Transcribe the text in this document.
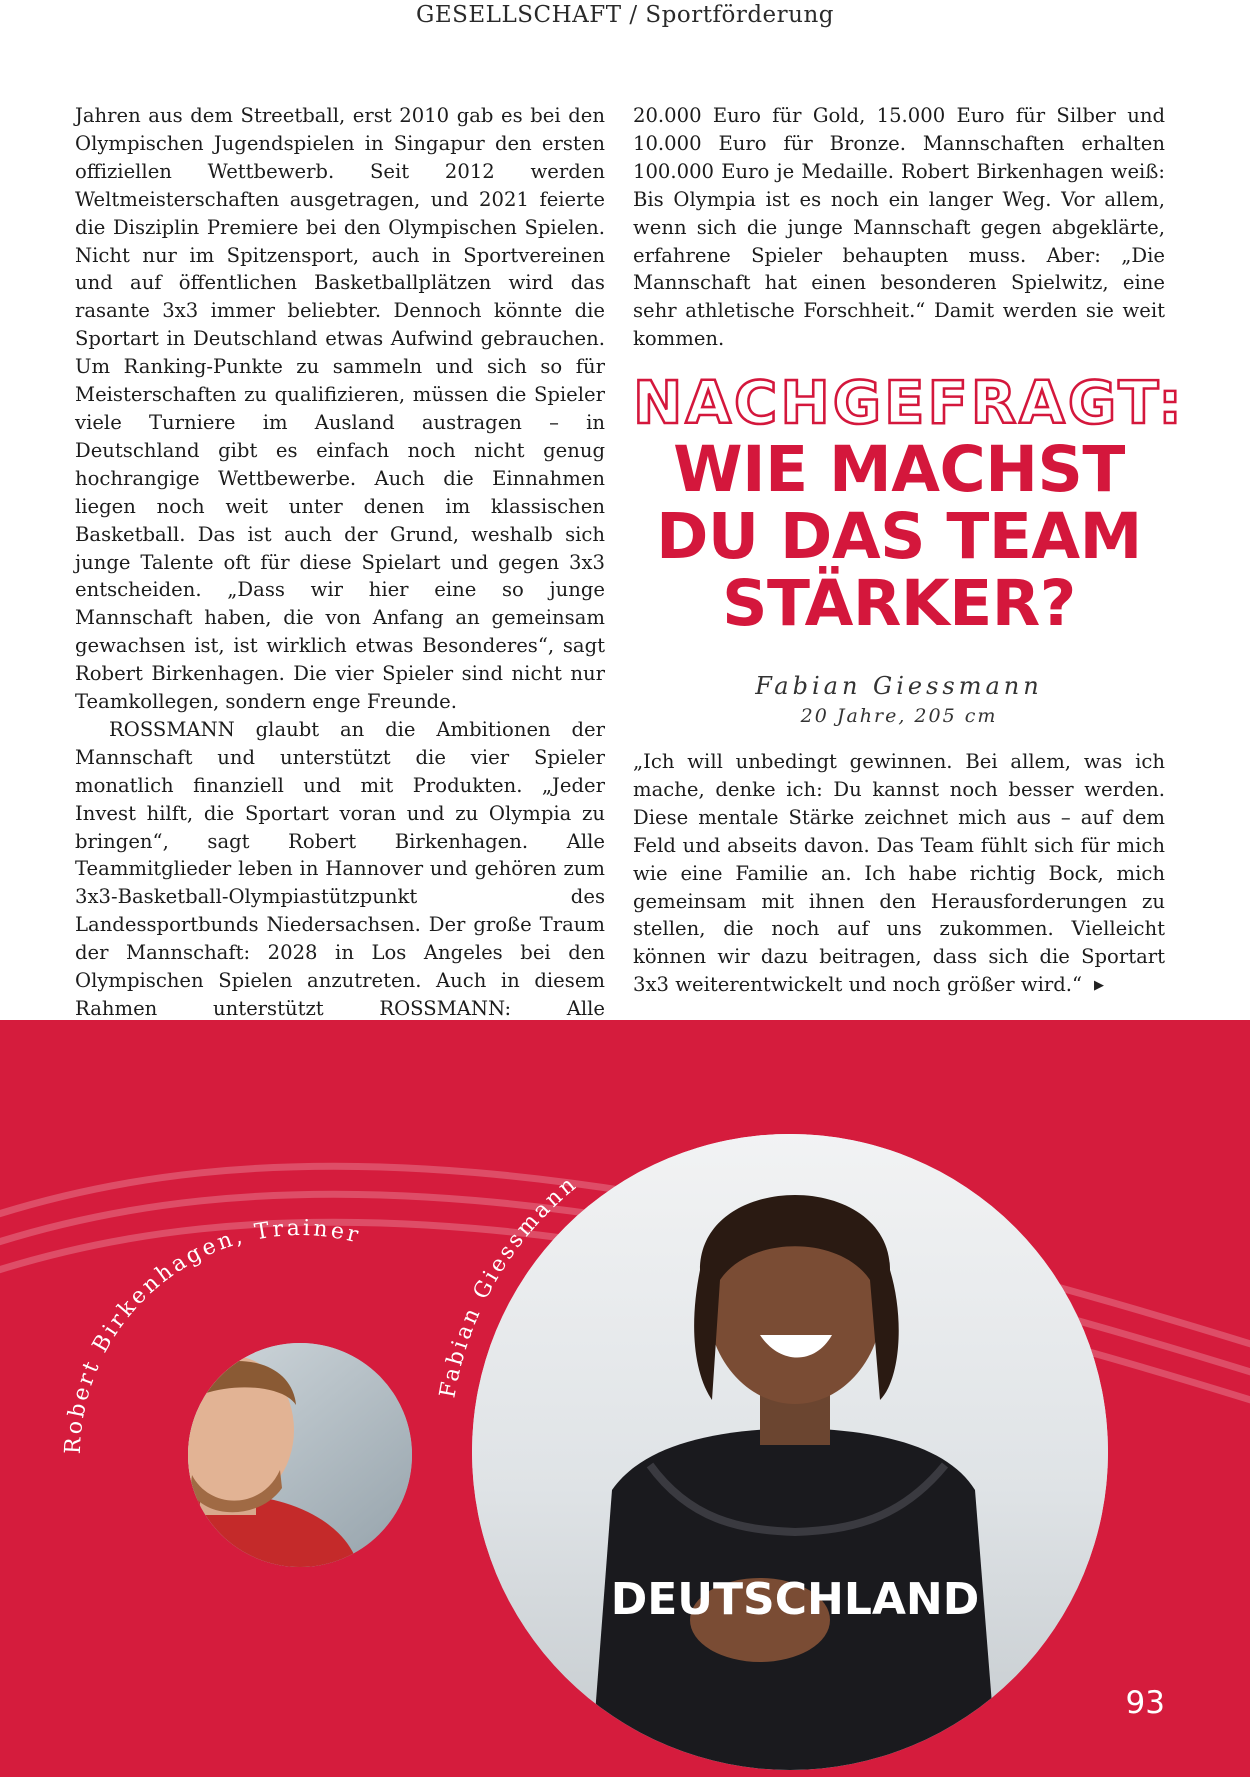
GESELLSCHAFT / Sportförderung

Jahren aus dem Streetball, erst 2010 gab es bei den Olympischen Jugendspielen in Singapur den ersten offiziellen Wettbewerb. Seit 2012 werden Weltmeisterschaften ausgetragen, und 2021 feierte die Disziplin Premiere bei den Olympischen Spielen. Nicht nur im Spitzensport, auch in Sportvereinen und auf öffentlichen Basketballplätzen wird das rasante 3x3 immer beliebter. Dennoch könnte die Sportart in Deutschland etwas Aufwind gebrauchen. Um Ranking-Punkte zu sammeln und sich so für Meisterschaften zu qualifizieren, müssen die Spieler viele Turniere im Ausland austragen – in Deutschland gibt es einfach noch nicht genug hochrangige Wettbewerbe. Auch die Einnahmen liegen noch weit unter denen im klassischen Basketball. Das ist auch der Grund, weshalb sich junge Talente oft für diese Spielart und gegen 3x3 entscheiden. „Dass wir hier eine so junge Mannschaft haben, die von Anfang an gemeinsam gewachsen ist, ist wirklich etwas Besonderes“, sagt Robert Birkenhagen. Die vier Spieler sind nicht nur Teamkollegen, sondern enge Freunde.

ROSSMANN glaubt an die Ambitionen der Mannschaft und unterstützt die vier Spieler monatlich finanziell und mit Produkten. „Jeder Invest hilft, die Sportart voran und zu Olympia zu bringen“, sagt Robert Birkenhagen. Alle Teammitglieder leben in Hannover und gehören zum 3x3-Basketball-Olympiastützpunkt des Landessportbunds Niedersachsen. Der große Traum der Mannschaft: 2028 in Los Angeles bei den Olympischen Spielen anzutreten. Auch in diesem Rahmen unterstützt ROSSMANN: Alle

20.000 Euro für Gold, 15.000 Euro für Silber und 10.000 Euro für Bronze. Mannschaften erhalten 100.000 Euro je Medaille. Robert Birkenhagen weiß: Bis Olympia ist es noch ein langer Weg. Vor allem, wenn sich die junge Mannschaft gegen abgeklärte, erfahrene Spieler behaupten muss. Aber: „Die Mannschaft hat einen besonderen Spielwitz, eine sehr athletische Forschheit.“ Damit werden sie weit kommen.

NACHGEFRAGT:
WIE MACHST
DU DAS TEAM
STÄRKER?
Fabian Giessmann
20 Jahre, 205 cm

„Ich will unbedingt gewinnen. Bei allem, was ich mache, denke ich: Du kannst noch besser werden. Diese mentale Stärke zeichnet mich aus – auf dem Feld und abseits davon. Das Team fühlt sich für mich wie eine Familie an. Ich habe richtig Bock, mich gemeinsam mit ihnen den Herausforderungen zu stellen, die noch auf uns zukommen. Vielleicht können wir dazu beitragen, dass sich die Sportart 3x3 weiterentwickelt und noch größer wird.“ ▶

DEUTSCHLAND
Robert Birkenhagen, Trainer
Fabian Giessmann
93
